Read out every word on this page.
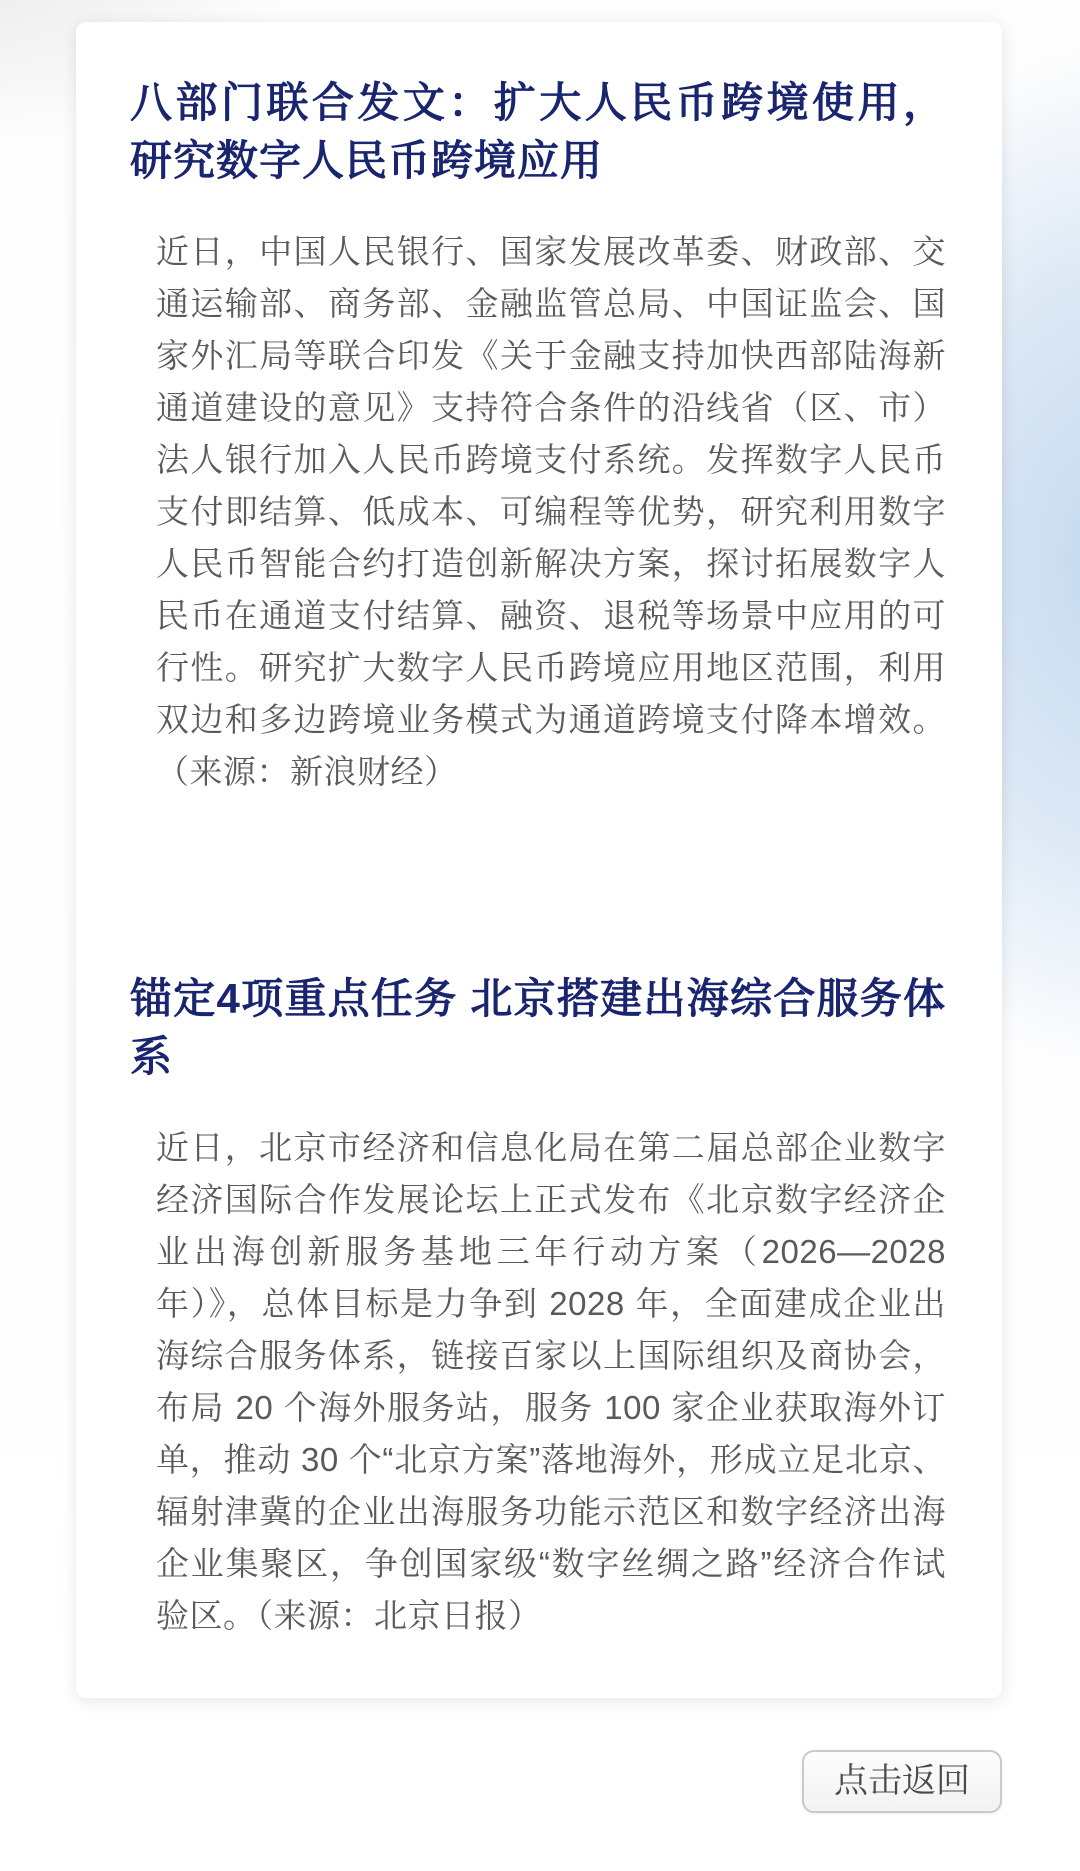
八部门联合发文：扩大人民币跨境使用，研究数字人民币跨境应用

近日，中国人民银行、国家发展改革委、财政部、交通运输部、商务部、金融监管总局、中国证监会、国家外汇局等联合印发《关于金融支持加快西部陆海新通道建设的意见》支持符合条件的沿线省（区、市）法人银行加入人民币跨境支付系统。发挥数字人民币支付即结算、低成本、可编程等优势，研究利用数字人民币智能合约打造创新解决方案，探讨拓展数字人民币在通道支付结算、融资、退税等场景中应用的可行性。研究扩大数字人民币跨境应用地区范围，利用双边和多边跨境业务模式为通道跨境支付降本增效。（来源：新浪财经）

锚定4项重点任务 北京搭建出海综合服务体系

近日，北京市经济和信息化局在第二届总部企业数字经济国际合作发展论坛上正式发布《北京数字经济企业出海创新服务基地三年行动方案（2026—2028 年）》，总体目标是力争到 2028 年，全面建成企业出海综合服务体系，链接百家以上国际组织及商协会，布局 20 个海外服务站，服务 100 家企业获取海外订单，推动 30 个“北京方案”落地海外，形成立足北京、辐射津冀的企业出海服务功能示范区和数字经济出海企业集聚区，争创国家级“数字丝绸之路”经济合作试验区。（来源：北京日报）

点击返回
